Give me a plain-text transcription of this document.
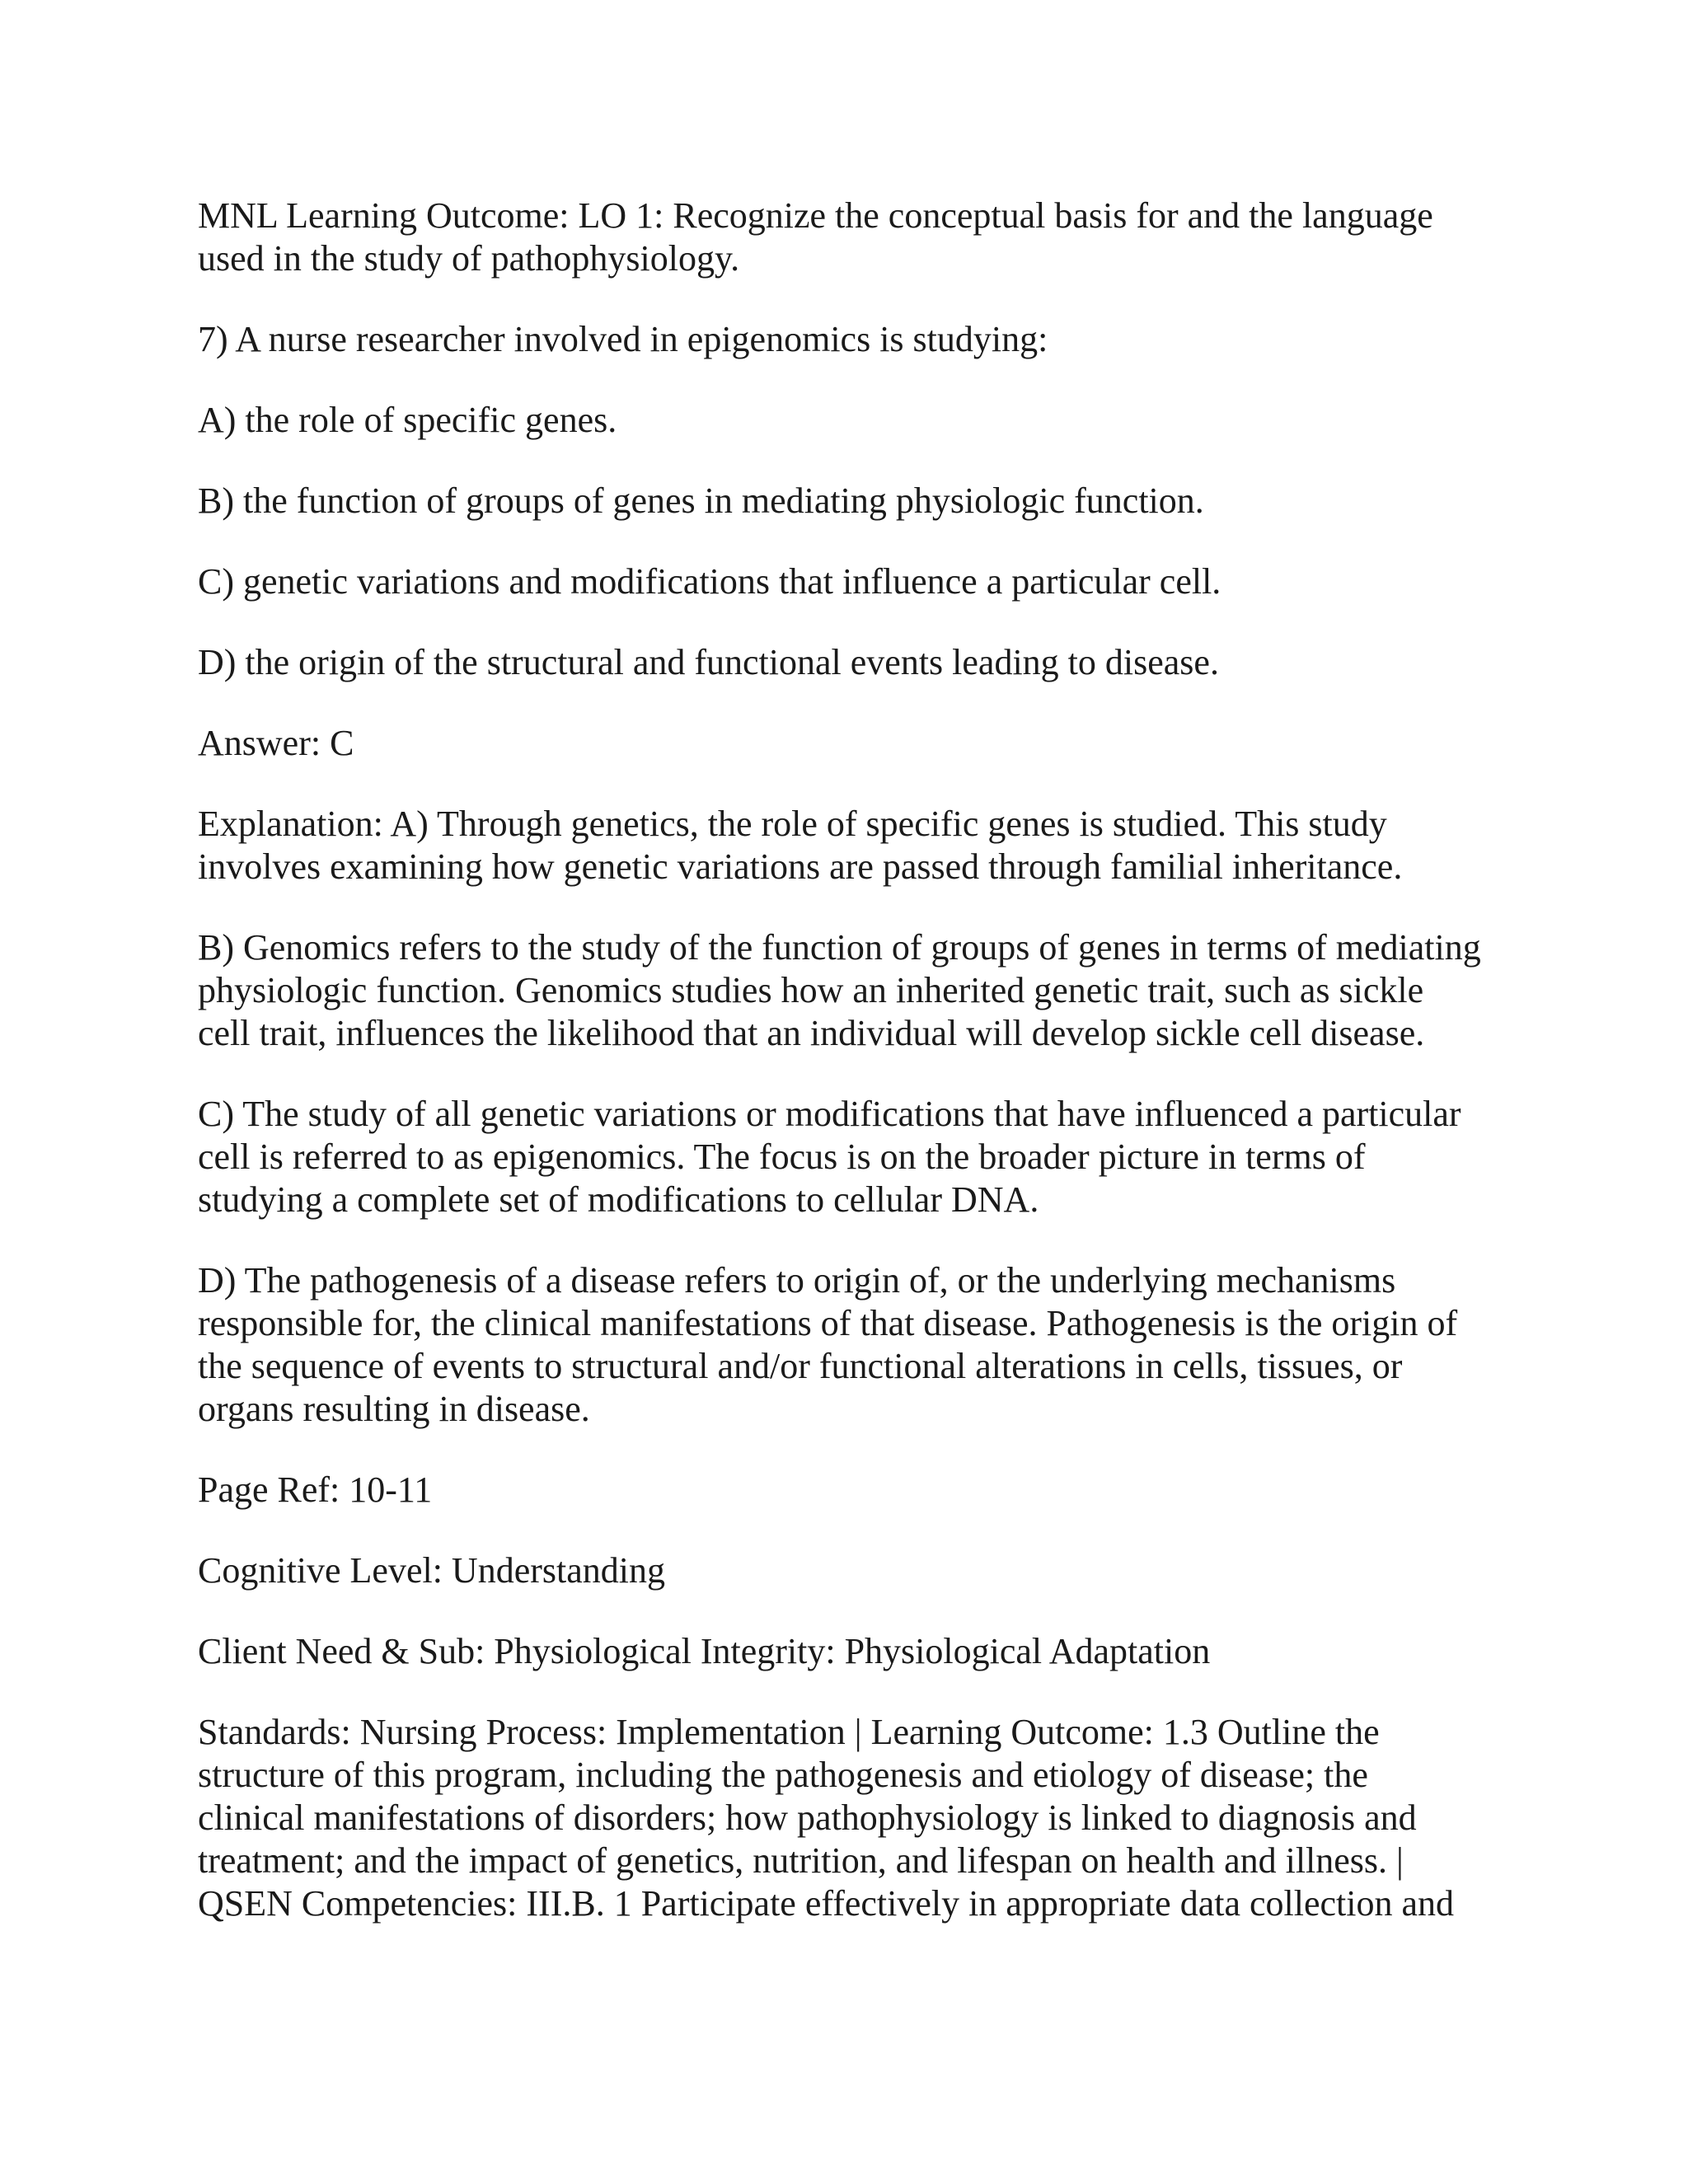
MNL Learning Outcome: LO 1: Recognize the conceptual basis for and the language used in the study of pathophysiology.

7) A nurse researcher involved in epigenomics is studying:

A) the role of specific genes.

B) the function of groups of genes in mediating physiologic function.

C) genetic variations and modifications that influence a particular cell.

D) the origin of the structural and functional events leading to disease.

Answer: C

Explanation: A) Through genetics, the role of specific genes is studied. This study involves examining how genetic variations are passed through familial inheritance.

B) Genomics refers to the study of the function of groups of genes in terms of mediating physiologic function. Genomics studies how an inherited genetic trait, such as sickle cell trait, influences the likelihood that an individual will develop sickle cell disease.

C) The study of all genetic variations or modifications that have influenced a particular cell is referred to as epigenomics. The focus is on the broader picture in terms of studying a complete set of modifications to cellular DNA.

D) The pathogenesis of a disease refers to origin of, or the underlying mechanisms responsible for, the clinical manifestations of that disease. Pathogenesis is the origin of the sequence of events to structural and/or functional alterations in cells, tissues, or organs resulting in disease.

Page Ref: 10-11

Cognitive Level: Understanding

Client Need & Sub: Physiological Integrity: Physiological Adaptation

Standards: Nursing Process: Implementation | Learning Outcome: 1.3 Outline the structure of this program, including the pathogenesis and etiology of disease; the clinical manifestations of disorders; how pathophysiology is linked to diagnosis and treatment; and the impact of genetics, nutrition, and lifespan on health and illness. | QSEN Competencies: III.B. 1 Participate effectively in appropriate data collection and
